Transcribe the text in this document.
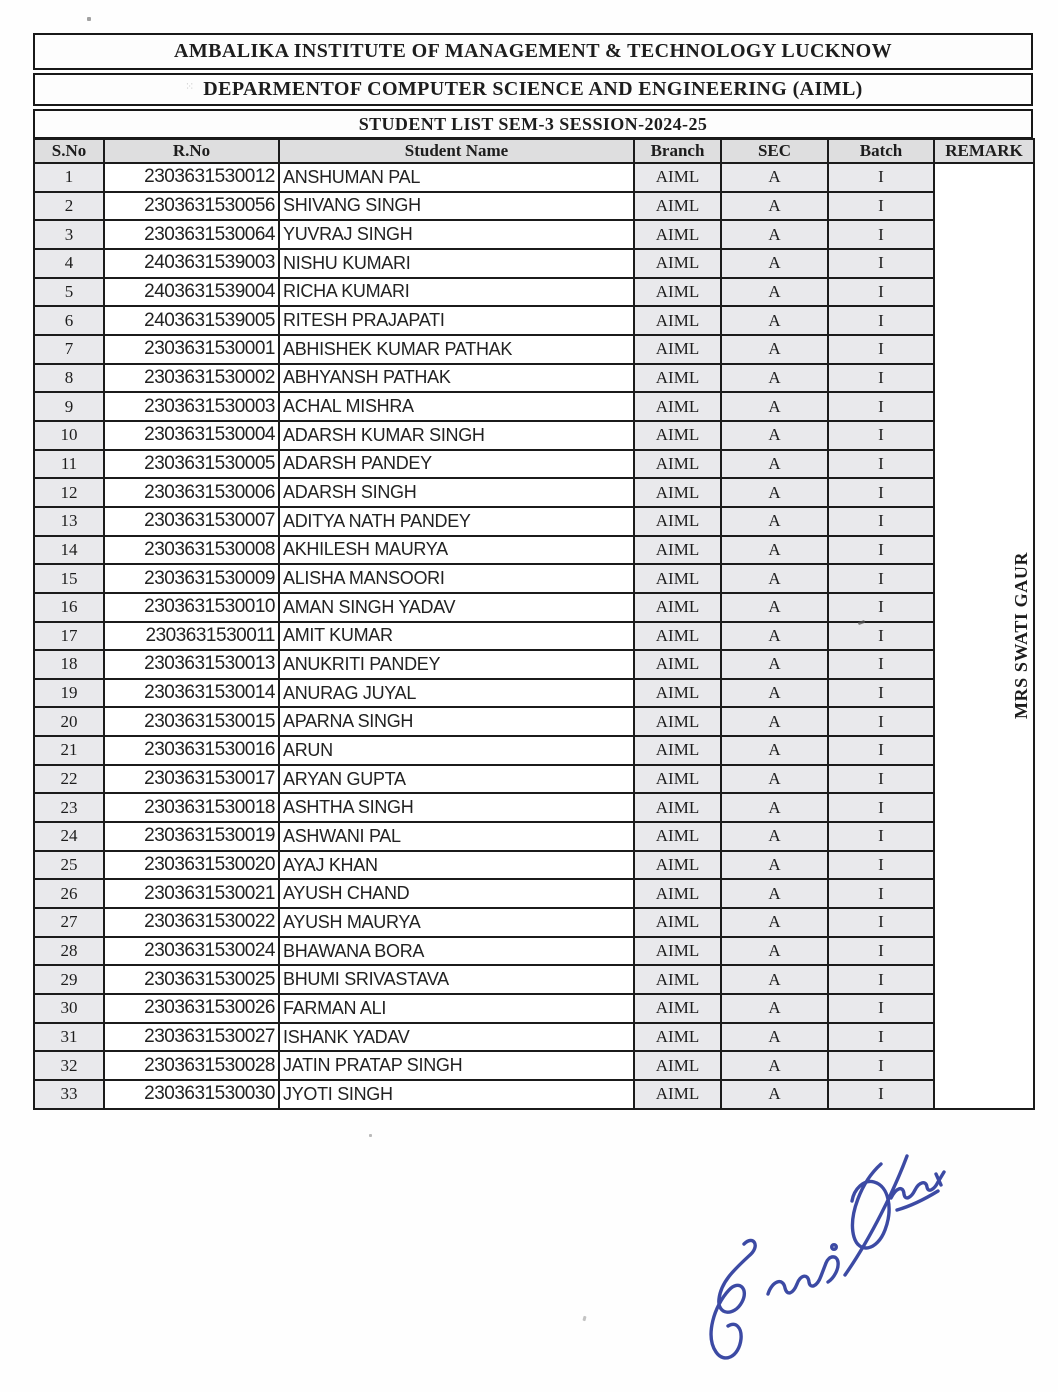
AMBALIKA INSTITUTE OF MANAGEMENT & TECHNOLOGY LUCKNOW
DEPARMENTOF COMPUTER SCIENCE AND ENGINEERING (AIML)
STUDENT LIST SEM-3 SESSION-2024-25
S.No	R.No	Student Name	Branch	SEC	Batch	REMARK
1	2303631530012	ANSHUMAN PAL	AIML	A	I	MRS SWATI GAUR
2	2303631530056	SHIVANG SINGH	AIML	A	I	
3	2303631530064	YUVRAJ SINGH	AIML	A	I	
4	2403631539003	NISHU KUMARI	AIML	A	I	
5	2403631539004	RICHA KUMARI	AIML	A	I	
6	2403631539005	RITESH PRAJAPATI	AIML	A	I	
7	2303631530001	ABHISHEK KUMAR PATHAK	AIML	A	I	
8	2303631530002	ABHYANSH PATHAK	AIML	A	I	
9	2303631530003	ACHAL MISHRA	AIML	A	I	
10	2303631530004	ADARSH KUMAR SINGH	AIML	A	I	
11	2303631530005	ADARSH PANDEY	AIML	A	I	
12	2303631530006	ADARSH SINGH	AIML	A	I	
13	2303631530007	ADITYA NATH PANDEY	AIML	A	I	
14	2303631530008	AKHILESH MAURYA	AIML	A	I	
15	2303631530009	ALISHA MANSOORI	AIML	A	I	
16	2303631530010	AMAN SINGH YADAV	AIML	A	I	
17	2303631530011	AMIT KUMAR	AIML	A	I	
18	2303631530013	ANUKRITI PANDEY	AIML	A	I	
19	2303631530014	ANURAG JUYAL	AIML	A	I	
20	2303631530015	APARNA SINGH	AIML	A	I	
21	2303631530016	ARUN	AIML	A	I	
22	2303631530017	ARYAN GUPTA	AIML	A	I	
23	2303631530018	ASHTHA SINGH	AIML	A	I	
24	2303631530019	ASHWANI PAL	AIML	A	I	
25	2303631530020	AYAJ KHAN	AIML	A	I	
26	2303631530021	AYUSH CHAND	AIML	A	I	
27	2303631530022	AYUSH MAURYA	AIML	A	I	
28	2303631530024	BHAWANA BORA	AIML	A	I	
29	2303631530025	BHUMI SRIVASTAVA	AIML	A	I	
30	2303631530026	FARMAN ALI	AIML	A	I	
31	2303631530027	ISHANK YADAV	AIML	A	I	
32	2303631530028	JATIN PRATAP SINGH	AIML	A	I	
33	2303631530030	JYOTI SINGH	AIML	A	I	
⁙
